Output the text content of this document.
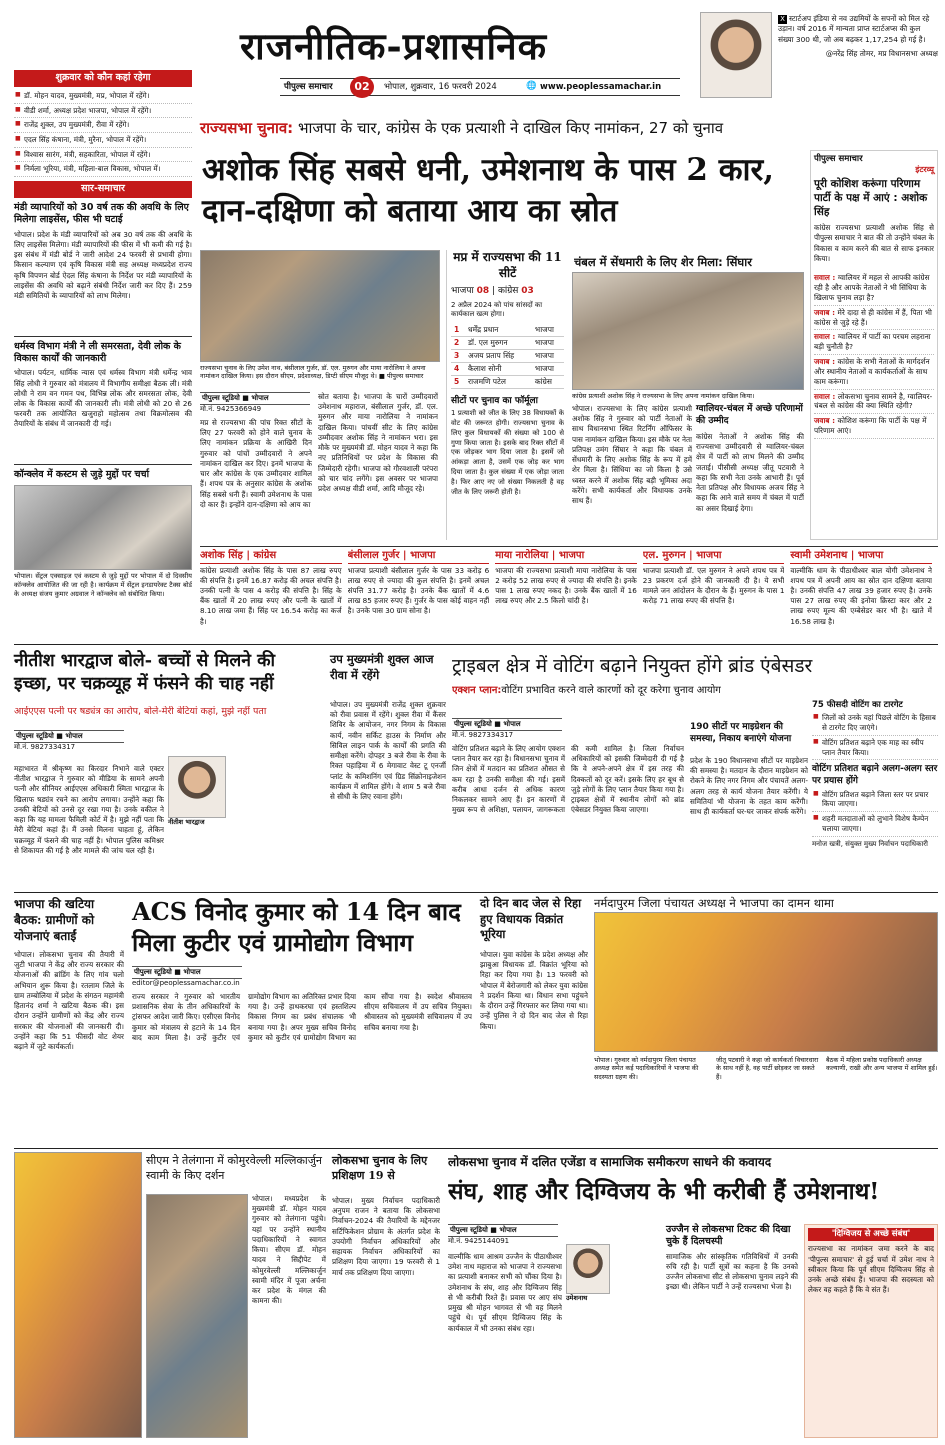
राजनीतिक-प्रशासनिक
पीपुल्स समाचार	02	भोपाल, शुक्रवार, 16 फरवरी 2024	🌐 www.peoplessamachar.in
X स्टार्टअप इंडिया से नव उद्यमियों के सपनों को मिल रहे उड़ान। वर्ष 2016 में मान्यता प्राप्त स्टार्टअप्स की कुल संख्या 300 थी, जो अब बढ़कर 1,17,254 हो गई है।
@नरेंद्र सिंह तोमर, मप्र विधानसभा अध्यक्ष
शुक्रवार को कौन कहां रहेगा
■ डॉ. मोहन यादव, मुख्यमंत्री, मप्र, भोपाल में रहेंगे।
■ वीडी शर्मा, अध्यक्ष प्रदेश भाजपा, भोपाल में रहेंगे।
■ राजेंद्र शुक्ल, उप मुख्यमंत्री, रीवा में रहेंगे।
■ एदल सिंह कंषाना, मंत्री, मुरैना, भोपाल में रहेंगे।
■ विश्वास सारंग, मंत्री, सहकारिता, भोपाल में रहेंगे।
■ निर्मला भूरिया, मंत्री, महिला-बाल विकास, भोपाल में।
सार-समाचार
मंडी व्यापारियों को 30 वर्ष तक की अवधि के लिए मिलेगा लाइसेंस, फीस भी घटाई
भोपाल। प्रदेश के मंडी व्यापारियों को अब 30 वर्ष तक की अवधि के लिए लाइसेंस मिलेगा। मंडी व्यापारियों की फीस में भी कमी की गई है। इस संबंध में मंडी बोर्ड ने जारी आदेश 24 फरवरी से प्रभावी होगा। किसान कल्याण एवं कृषि विकास मंत्री सह अध्यक्ष मध्यप्रदेश राज्य कृषि विपणन बोर्ड ऐदल सिंह कंषाना के निर्देश पर मंडी व्यापारियों के लाइसेंस की अवधि को बढ़ाने संबंधी निर्देश जारी कर दिए हैं। 259 मंडी समितियों के व्यापारियों को लाभ मिलेगा।
धर्मस्व विभाग मंत्री ने ली समरसता, देवी लोक के विकास कार्यों की जानकारी
भोपाल। पर्यटन, धार्मिक न्यास एवं धर्मस्व विभाग मंत्री धर्मेन्द्र भाव सिंह लोधी ने गुरुवार को मंत्रालय में विभागीय समीक्षा बैठक ली। मंत्री लोधी ने राम वन गमन पथ, विभिन्न लोक और समरसता लोक, देवी लोक के विकास कार्यों की जानकारी ली। मंत्री लोधी को 20 से 26 फरवरी तक आयोजित खजुराहो महोत्सव तथा विक्रमोत्सव की तैयारियों के संबंध में जानकारी दी गई।
कॉन्क्लेव में कस्टम से जुड़े मुद्दों पर चर्चा
भोपाल। सेंट्रल एक्साइज एवं कस्टम से जुड़े मुद्दों पर भोपाल में दो दिवसीय कॉन्क्लेव आयोजित की जा रही है। कार्यक्रम में सेंट्रल इनडायरेक्ट टैक्स बोर्ड के अध्यक्ष संजय कुमार अग्रवाल ने कॉन्क्लेव को संबोधित किया।
राज्यसभा चुनाव: भाजपा के चार, कांग्रेस के एक प्रत्याशी ने दाखिल किए नामांकन, 27 को चुनाव
अशोक सिंह सबसे धनी, उमेशनाथ के पास 2 कार, दान-दक्षिणा को बताया आय का स्रोत
राज्यसभा चुनाव के लिए उमेश नाथ, बंसीलाल गुर्जर, डॉ. एल. मुरुगन और माया नारोलिया ने अपना नामांकन दाखिल किया। इस दौरान सीएम, प्रदेशाध्यक्ष, डिप्टी सीएम मौजूद थे। ■ पीपुल्स समाचार
पीपुल्स स्टूडियो ■ भोपाल
मो.नं. 9425366949
मप्र से राज्यसभा की पांच रिक्त सीटों के लिए 27 फरवरी को होने वाले चुनाव के लिए नामांकन प्रक्रिया के आखिरी दिन गुरुवार को पांचों उम्मीदवारों ने अपने नामांकन दाखिल कर दिए। इनमें भाजपा के चार और कांग्रेस के एक उम्मीदवार शामिल हैं। शपथ पत्र के अनुसार कांग्रेस के अशोक सिंह सबसे धनी हैं। स्वामी उमेशनाथ के पास दो कार हैं। इन्होंने दान-दक्षिणा को आय का
स्रोत बताया है। भाजपा के चारों उम्मीदवारों उमेशनाथ महाराज, बंसीलाल गुर्जर, डॉ. एल. मुरुगन और माया नारोलिया ने नामांकन दाखिल किया। पांचवीं सीट के लिए कांग्रेस उम्मीदवार अशोक सिंह ने नामांकन भरा। इस मौके पर मुख्यमंत्री डॉ. मोहन यादव ने कहा कि नए प्रतिनिधियों पर प्रदेश के विकास की जिम्मेदारी रहेगी। भाजपा को गौरवशाली परंपरा को चार चांद लगेंगे। इस अवसर पर भाजपा प्रदेश अध्यक्ष वीडी शर्मा, आदि मौजूद रहे।
मप्र में राज्यसभा की 11 सीटें
भाजपा 08 | कांग्रेस 03
2 अप्रैल 2024 को पांच सांसदों का कार्यकाल खत्म होगा।
1	धर्मेंद्र प्रधान	भाजपा
2	डॉ. एल मुरुगन	भाजपा
3	अजय प्रताप सिंह	भाजपा
4	कैलाश सोनी	भाजपा
5	राजमणि पटेल	कांग्रेस
सीटों पर चुनाव का फॉर्मूला
1 प्रत्याशी को जीत के लिए 38 विधायकों के वोट की जरूरत होगी। राज्यसभा चुनाव के लिए कुल विधायकों की संख्या को 100 से गुणा किया जाता है। इसके बाद रिक्त सीटों में एक जोड़कर भाग दिया जाता है। इसमें जो आंकड़ा आता है, उसमें एक जोड़ कर भाग दिया जाता है। कुल संख्या में एक जोड़ा जाता है। फिर आए नए जो संख्या निकलती है वह जीत के लिए जरूरी होती है।
चंबल में सेंधमारी के लिए शेर मिला: सिंघार
कांग्रेस प्रत्याशी अशोक सिंह ने राज्यसभा के लिए अपना नामांकन दाखिल किया।
भोपाल। राज्यसभा के लिए कांग्रेस प्रत्याशी अशोक सिंह ने गुरुवार को पार्टी नेताओं के साथ विधानसभा स्थित रिटर्निंग ऑफिसर के पास नामांकन दाखिल किया। इस मौके पर नेता प्रतिपक्ष उमंग सिंघार ने कहा कि चंबल में सेंधमारी के लिए अशोक सिंह के रूप में हमें शेर मिला है। सिंधिया का जो किला है उसे ध्वस्त करने में अशोक सिंह बड़ी भूमिका अदा करेंगे। सभी कार्यकर्ता और विधायक उनके साथ हैं।
ग्वालियर-चंबल में अच्छे परिणामों की उम्मीद
कांग्रेस नेताओं ने अशोक सिंह की राज्यसभा उम्मीदवारी से ग्वालियर-चंबल क्षेत्र में पार्टी को लाभ मिलने की उम्मीद जताई। पीसीसी अध्यक्ष जीतू पटवारी ने कहा कि सभी नेता उनके आभारी हैं। पूर्व नेता प्रतिपक्ष और विधायक अजय सिंह ने कहा कि आने वाले समय में चंबल में पार्टी का असर दिखाई देगा।
पीपुल्स समाचार
इंटरव्यू
पूरी कोशिश करूंगा परिणाम पार्टी के पक्ष में आएं : अशोक सिंह
कांग्रेस राज्यसभा प्रत्याशी अशोक सिंह से पीपुल्स समाचार ने बात की तो उन्होंने चंबल के विकास व काम करने की बात से साफ इनकार किया।
सवाल : ग्वालियर में महल से आपकी कांग्रेस रही है और आपके नेताओं ने भी सिंधिया के खिलाफ चुनाव लड़ा है?
जवाब : मेरे दादा से ही कांग्रेस में हैं, पिता भी कांग्रेस से जुड़े रहे हैं।
सवाल : ग्वालियर में पार्टी का परचम लहराना बड़ी चुनौती है?
जवाब : कांग्रेस के सभी नेताओं के मार्गदर्शन और स्थानीय नेताओं व कार्यकर्ताओं के साथ काम करूंगा।
सवाल : लोकसभा चुनाव सामने है, ग्वालियर-चंबल से कांग्रेस की क्या स्थिति रहेगी?
जवाब : कोशिश करूंगा कि पार्टी के पक्ष में परिणाम आएं।
अशोक सिंह | कांग्रेस
कांग्रेस प्रत्याशी अशोक सिंह के पास 87 लाख रुपए की संपत्ति है। इनमें 16.87 करोड़ की अचल संपत्ति है। उनकी पत्नी के पास 4 करोड़ की संपत्ति है। सिंह के बैंक खातों में 20 लाख रुपए और पत्नी के खातों में 8.10 लाख जमा हैं। सिंह पर 16.54 करोड़ का कर्ज है।
बंसीलाल गुर्जर | भाजपा
भाजपा प्रत्याशी बंसीलाल गुर्जर के पास 33 करोड़ 6 लाख रुपए से ज्यादा की कुल संपत्ति है। इनमें अचल संपत्ति 31.77 करोड़ है। उनके बैंक खातों में 4.6 लाख 85 हजार रुपए हैं। गुर्जर के पास कोई वाहन नहीं है। उनके पास 30 ग्राम सोना है।
माया नारोलिया | भाजपा
भाजपा की राज्यसभा प्रत्याशी माया नारोलिया के पास 2 करोड़ 52 लाख रुपए से ज्यादा की संपत्ति है। इनके पास 1 लाख रुपए नकद है। उनके बैंक खातों में 16 लाख रुपए और 2.5 किलो चांदी है।
एल. मुरुगन | भाजपा
भाजपा प्रत्याशी डॉ. एल मुरुगन ने अपने शपथ पत्र में 23 प्रकरण दर्ज होने की जानकारी दी है। ये सभी मामले जन आंदोलन के दौरान के हैं। मुरुगन के पास 1 करोड़ 71 लाख रुपए की संपत्ति है।
स्वामी उमेशनाथ | भाजपा
वाल्मीकि धाम के पीठाधीश्वर बाल योगी उमेशनाथ ने शपथ पत्र में अपनी आय का स्रोत दान दक्षिणा बताया है। उनकी संपत्ति 47 लाख 39 हजार रुपए है। उनके पास 27 लाख रुपए की इनोवा क्रिस्टा कार और 2 लाख रुपए मूल्य की एम्बेसेडर कार भी है। खाते में 16.58 लाख है।
नीतीश भारद्वाज बोले- बच्चों से मिलने की इच्छा, पर चक्रव्यूह में फंसने की चाह नहीं
आईएएस पत्नी पर षड्यंत्र का आरोप, बोले-मेरी बेटियां कहां, मुझे नहीं पता
पीपुल्स स्टूडियो ■ भोपाल
मो.नं. 9827334317
नीतीश भारद्वाज
महाभारत में श्रीकृष्ण का किरदार निभाने वाले एक्टर नीतीश भारद्वाज ने गुरुवार को मीडिया के सामने अपनी पत्नी और सीनियर आईएएस अधिकारी स्मिता भारद्वाज के खिलाफ षड्यंत्र रचने का आरोप लगाया। उन्होंने कहा कि उनकी बेटियों को उनसे दूर रखा गया है। उनके वकील ने कहा कि यह मामला फैमिली कोर्ट में है। मुझे नहीं पता कि मेरी बेटियां कहां हैं। मैं उनसे मिलना चाहता हूं, लेकिन चक्रव्यूह में फंसने की चाह नहीं है। भोपाल पुलिस कमिश्नर से शिकायत की गई है और मामले की जांच चल रही है।
उप मुख्यमंत्री शुक्ल आज रीवा में रहेंगे
भोपाल। उप मुख्यमंत्री राजेंद्र शुक्ल शुक्रवार को रीवा प्रवास में रहेंगे। शुक्ल रीवा में कैंसर शिविर के आयोजन, नगर निगम के विकास कार्य, नवीन सर्किट हाउस के निर्माण और सिविल लाइन पार्क के कार्यों की प्रगति की समीक्षा करेंगे। दोपहर 3 बजे रीवा के रीवा के रिक्त पहाड़िया में 6 मेगावाट वेस्ट टू एनर्जी प्लांट के कमिशनिंग एवं ग्रिड सिंक्रोनाइजेशन कार्यक्रम में शामिल होंगे। वे शाम 5 बजे रीवा से सीधी के लिए रवाना होंगे।
ट्राइबल क्षेत्र में वोटिंग बढ़ाने नियुक्त होंगे ब्रांड एंबेसडर
एक्शन प्लान:वोटिंग प्रभावित करने वाले कारणों को दूर करेगा चुनाव आयोग
पीपुल्स स्टूडियो ■ भोपाल
मो.नं. 9827334317
वोटिंग प्रतिशत बढ़ाने के लिए आयोग एक्शन प्लान तैयार कर रहा है। विधानसभा चुनाव में जिन क्षेत्रों में मतदान का प्रतिशत औसत से कम रहा है उनकी समीक्षा की गई। इसमें करीब आधा दर्जन से अधिक कारण निकलकर सामने आए हैं। इन कारणों में मुख्य रूप से अशिक्षा, पलायन, जागरूकता की कमी शामिल है। जिला निर्वाचन अधिकारियों को इसकी जिम्मेदारी दी गई है कि वे अपने-अपने क्षेत्र में इस तरह की दिक्कतों को दूर करें। इसके लिए हर बूथ से जुड़े लोगों के लिए प्लान तैयार किया गया है। ट्राइबल क्षेत्रों में स्थानीय लोगों को ब्रांड एंबेसडर नियुक्त किया जाएगा।
190 सीटों पर माइग्रेशन की समस्या, निकाय बनाएंगे योजना
प्रदेश के 190 विधानसभा सीटों पर माइग्रेशन की समस्या है। मतदान के दौरान माइग्रेशन को रोकने के लिए नगर निगम और पंचायतें अलग-अलग तरह से कार्य योजना तैयार करेंगी। ये समितियां भी योजना के तहत काम करेंगी। साथ ही कार्यकर्ता घर-घर जाकर संपर्क करेंगे।
75 फीसदी वोटिंग का टारगेट
■ जिलों को उनके यहां पिछले वोटिंग के हिसाब से टारगेट दिए जाएंगे।
■ वोटिंग प्रतिशत बढ़ाने एक माह का स्वीप प्लान तैयार किया।
वोटिंग प्रतिशत बढ़ाने अलग-अलग स्तर पर प्रयास होंगे
■ वोटिंग प्रतिशत बढ़ाने जिला स्तर पर प्रचार किया जाएगा।
■ शहरी मतदाताओं को लुभाने विशेष कैम्पेन चलाया जाएगा।
मनोज खत्री, संयुक्त मुख्य निर्वाचन पदाधिकारी
भाजपा की खटिया बैठक: ग्रामीणों को योजनाएं बताईं
भोपाल। लोकसभा चुनाव की तैयारी में जुटी भाजपा ने केंद्र और राज्य सरकार की योजनाओं की ब्रांडिंग के लिए गांव चलो अभियान शुरू किया है। रतलाम जिले के ग्राम तम्बोलिया में प्रदेश के संगठन महामंत्री हितानंद शर्मा ने खटिया बैठक की। इस दौरान उन्होंने ग्रामीणों को केंद्र और राज्य सरकार की योजनाओं की जानकारी दी। उन्होंने कहा कि 51 फीसदी वोट शेयर बढ़ाने में जुटे कार्यकर्ता।
ACS विनोद कुमार को 14 दिन बाद मिला कुटीर एवं ग्रामोद्योग विभाग
पीपुल्स स्टूडियो ■ भोपाल
editor@peoplessamachar.co.in
राज्य सरकार ने गुरुवार को भारतीय प्रशासनिक सेवा के तीन अधिकारियों के ट्रांसफर आदेश जारी किए। एसीएस विनोद कुमार को मंत्रालय से हटाने के 14 दिन बाद काम मिला है। उन्हें कुटीर एवं ग्रामोद्योग विभाग का अतिरिक्त प्रभार दिया गया है। उन्हें हाथकरघा एवं हस्तशिल्प विकास निगम का प्रबंध संचालक भी बनाया गया है। अपर मुख्य सचिव विनोद कुमार को कुटीर एवं ग्रामोद्योग विभाग का काम सौंपा गया है। स्वदेश श्रीवास्तव सीएम सचिवालय में उप सचिव नियुक्त। श्रीवास्तव को मुख्यमंत्री सचिवालय में उप सचिव बनाया गया है।
दो दिन बाद जेल से रिहा हुए विधायक विक्रांत भूरिया
भोपाल। युवा कांग्रेस के प्रदेश अध्यक्ष और झाबुआ विधायक डॉ. विक्रांत भूरिया को रिहा कर दिया गया है। 13 फरवरी को भोपाल में बेरोजगारी को लेकर युवा कांग्रेस ने प्रदर्शन किया था। विधान सभा पहुंचने के दौरान उन्हें गिरफ्तार कर लिया गया था। उन्हें पुलिस ने दो दिन बाद जेल से रिहा किया।
नर्मदापुरम जिला पंचायत अध्यक्ष ने भाजपा का दामन थामा
भोपाल। गुरुवार को नर्मदापुरम जिला पंचायत अध्यक्ष समेत कई पदाधिकारियों ने भाजपा की सदस्यता ग्रहण की।
जीतू पटवारी ने कहा जो कार्यकर्ता विचारधारा के साथ नहीं है, वह पार्टी छोड़कर जा सकते हैं।
बैठक में महिला प्रकोष्ठ पदाधिकारी अध्यक्ष कल्याणी, राखी और अन्य भाजपा में शामिल हुईं।
सीएम ने तेलंगाना में कोमुरवेल्ली मल्लिकार्जुन स्वामी के किए दर्शन
भोपाल। मध्यप्रदेश के मुख्यमंत्री डॉ. मोहन यादव गुरुवार को तेलंगाना पहुंचे। यहां पर उन्होंने स्थानीय पदाधिकारियों ने स्वागत किया। सीएम डॉ. मोहन यादव ने सिद्दीपेट में कोमुरवेल्ली मल्लिकार्जुन स्वामी मंदिर में पूजा अर्चना कर प्रदेश के मंगल की कामना की।
लोकसभा चुनाव के लिए प्रशिक्षण 19 से
भोपाल। मुख्य निर्वाचन पदाधिकारी अनुपम राजन ने बताया कि लोकसभा निर्वाचन-2024 की तैयारियों के मद्देनजर सर्टिफिकेशन प्रोग्राम के अंतर्गत प्रदेश के उपयोगी निर्वाचन अधिकारियों और सहायक निर्वाचन अधिकारियों का प्रशिक्षण दिया जाएगा। 19 फरवरी से 1 मार्च तक प्रशिक्षण दिया जाएगा।
लोकसभा चुनाव में दलित एजेंडा व सामाजिक समीकरण साधने की कवायद
संघ, शाह और दिग्विजय के भी करीबी हैं उमेशनाथ!
पीपुल्स स्टूडियो ■ भोपाल
मो.नं. 9425144091
उमेशनाथ
वाल्मीकि धाम आश्रम उज्जैन के पीठाधीश्वर उमेश नाथ महाराज को भाजपा ने राज्यसभा का प्रत्याशी बनाकर सभी को चौंका दिया है। उमेशनाथ के संघ, शाह और दिग्विजय सिंह से भी करीबी रिश्ते हैं। प्रवास पर आए संघ प्रमुख श्री मोहन भागवत से भी वह मिलने पहुंचे थे। पूर्व सीएम दिग्विजय सिंह के कार्यकाल में भी उनका संबंध रहा।
उज्जैन से लोकसभा टिकट की दिखा चुके हैं दिलचस्पी
सामाजिक और सांस्कृतिक गतिविधियों में उनकी रुचि रही है। पार्टी सूत्रों का कहना है कि उनको उज्जैन लोकसभा सीट से लोकसभा चुनाव लड़ने की इच्छा थी। लेकिन पार्टी ने उन्हें राज्यसभा भेजा है।
'दिग्विजय से अच्छे संबंध'
राज्यसभा का नामांकन जमा करने के बाद 'पीपुल्स समाचार' से हुई चर्चा में उमेश नाथ ने स्वीकार किया कि पूर्व सीएम दिग्विजय सिंह से उनके अच्छे संबंध हैं। भाजपा की सदस्यता को लेकर वह कहते हैं कि वे संत हैं।
